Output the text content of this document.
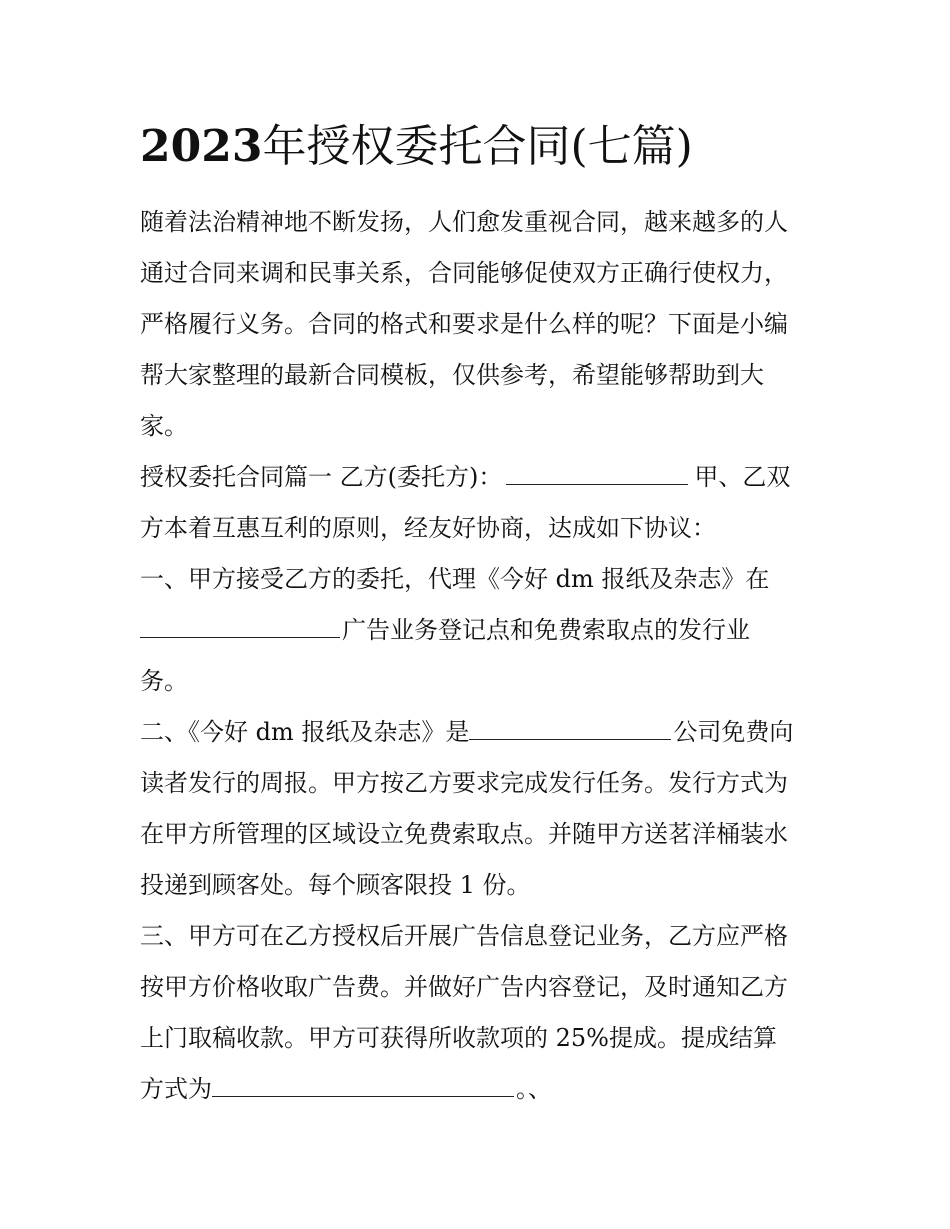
2023年授权委托合同(七篇)
随着法治精神地不断发扬，人们愈发重视合同，越来越多的人
通过合同来调和民事关系，合同能够促使双方正确行使权力，
严格履行义务。合同的格式和要求是什么样的呢？下面是小编
帮大家整理的最新合同模板，仅供参考，希望能够帮助到大
家。
授权委托合同篇一 乙方(委托方)：	甲、乙双
方本着互惠互利的原则，经友好协商，达成如下协议：
一、甲方接受乙方的委托，代理《今好 dm 报纸及杂志》在
广告业务登记点和免费索取点的发行业
务。
二、《今好 dm 报纸及杂志》是	公司免费向
读者发行的周报。甲方按乙方要求完成发行任务。发行方式为
在甲方所管理的区域设立免费索取点。并随甲方送茗洋桶装水
投递到顾客处。每个顾客限投 1 份。
三、甲方可在乙方授权后开展广告信息登记业务，乙方应严格
按甲方价格收取广告费。并做好广告内容登记，及时通知乙方
上门取稿收款。甲方可获得所收款项的 25%提成。提成结算
方式为	。、
